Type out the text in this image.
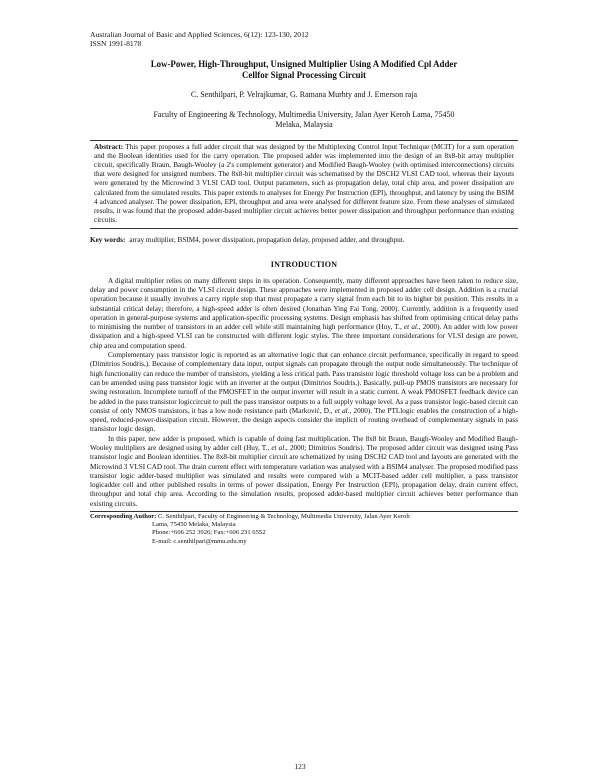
Australian Journal of Basic and Applied Sciences, 6(12): 123-130, 2012

ISSN 1991-8178

Low-Power, High-Throughput, Unsigned Multiplier Using A Modified Cpl Adder
Cellfor Signal Processing Circuit
C. Senthilpari, P. Velrajkumar, G. Ramana Murhty and J. Emerson raja
Faculty of Engineering & Technology, Multimedia University, Jalan Ayer Keroh Lama, 75450
Melaka, Malaysia
Abstract: This paper proposes a full adder circuit that was designed by the Multiplexing Control Input Technique (MCIT) for a sum operation and the Boolean identities used for the carry operation. The proposed adder was implemented into the design of an 8x8-bit array multiplier circuit, specifically Braun, Baugh-Wooley (a 2's complement generator) and Modified Baugh-Wooley (with optimised interconnections) circuits that were designed for unsigned numbers. The 8x8-bit multiplier circuit was schematised by the DSCH2 VLSI CAD tool, whereas their layouts were generated by the Microwind 3 VLSI CAD tool. Output parameters, such as propagation delay, total chip area, and power dissipation are calculated from the simulated results. This paper extends to analyses for Energy Per Instruction (EPI), throughput, and latency by using the BSIM 4 advanced analyser. The power dissipation, EPI, throughput and area were analysed for different feature size. From these analyses of simulated results, it was found that the proposed adder-based multiplier circuit achieves better power dissipation and throughput performance than existing circuits.
Key words: array multiplier, BSIM4, power dissipation, propagation delay, proposed adder, and throughput.
INTRODUCTION

A digital multiplier relies on many different steps in its operation. Consequently, many different approaches have been taken to reduce size, delay and power consumption in the VLSI circuit design. These approaches were implemented in proposed adder cell design. Addition is a crucial operation because it usually involves a carry ripple step that must propagate a carry signal from each bit to its higher bit position. This results in a substantial critical delay; therefore, a high-speed adder is often desired (Jonathan Ying Fai Tong, 2000). Currently, addition is a frequently used operation in general-purpose systems and application-specific processing systems. Design emphasis has shifted from optimising critical delay paths to minimising the number of transistors in an adder cell while still maintaining high performance (Huy, T., et al., 2000). An adder with low power dissipation and a high-speed VLSI can be constructed with different logic styles. The three important considerations for VLSI design are power, chip area and computation speed.

Complementary pass transistor logic is reported as an alternative logic that can enhance circuit performance, specifically in regard to speed (Dimitrios Soudris,). Because of complementary data input, output signals can propagate through the output node simultaneously. The technique of high functionality can reduce the number of transistors, yielding a less critical path. Pass transistor logic threshold voltage loss can be a problem and can be amended using pass transistor logic with an inverter at the output (Dimitrios Soudris,). Basically, pull-up PMOS transistors are necessary for swing restoration. Incomplete turnoff of the PMOSFET in the output inverter will result in a static current. A weak PMOSFET feedback device can be added in the pass transistor logiccircuit to pull the pass transistor outputs to a full supply voltage level. As a pass transistor logic-based circuit can consist of only NMOS transistors, it has a low node resistance path (Marković, D., et al., 2000). The PTLlogic enables the construction of a high-speed, reduced-power-dissipation circuit. However, the design aspects consider the implicit of routing overhead of complementary signals in pass transistor logic design.

In this paper, new adder is proposed, which is capable of doing fast multiplication. The 8x8 bit Braun, Baugh-Wooley and Modified Baugh-Wooley multipliers are designed using by adder cell (Huy, T., et al., 2000; Dimitrios Soudris). The proposed adder circuit was designed using Pass transistor logic and Boolean identities. The 8x8-bit multiplier circuit are schematized by using DSCH2 CAD tool and layouts are generated with the Microwind 3 VLSI CAD tool. The drain current effect with temperature variation was analysed with a BSIM4 analyser. The proposed modified pass transistor logic adder-based multiplier was simulated and results were compared with a MCIT-based adder cell multiplier, a pass transistor logicadder cell and other published results in terms of power dissipation, Energy Per Instruction (EPI), propagation delay, drain current effect, throughput and total chip area. According to the simulation results, proposed adder-based multiplier circuit achieves better performance than existing circuits.

Corresponding Author: C. Senthilpari, Faculty of Engineering & Technology, Multimedia University, Jalan Ayer Keroh
Lama, 75450 Melaka, Malaysia
Phone:+606 252 3926; Fax:+606 231 6552
E-mail: c.senthilpari@mmu.edu.my
123
